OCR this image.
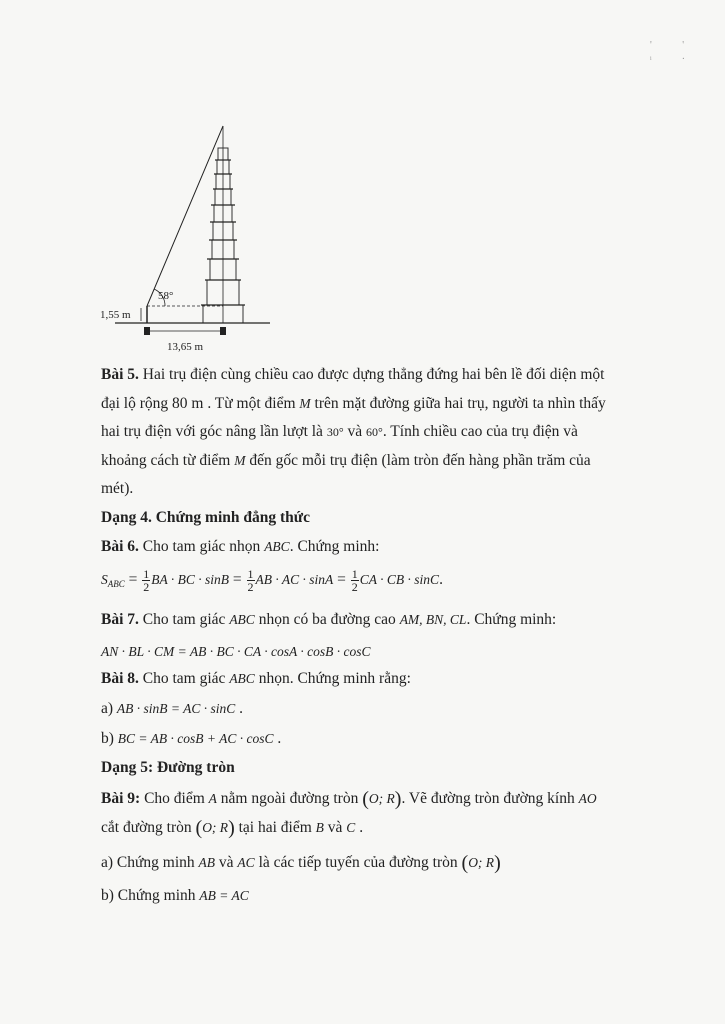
' ' ᵢ .
58°
1,55 m
13,65 m
Bài 5. Hai trụ điện cùng chiều cao được dựng thẳng đứng hai bên lề đối diện một
đại lộ rộng 80 m . Từ một điểm M trên mặt đường giữa hai trụ, người ta nhìn thấy
hai trụ điện với góc nâng lần lượt là 30° và 60°. Tính chiều cao của trụ điện và
khoảng cách từ điểm M đến gốc mỗi trụ điện (làm tròn đến hàng phần trăm của
mét).
Dạng 4. Chứng minh đẳng thức
Bài 6. Cho tam giác nhọn ABC. Chứng minh:
$S_{ABC} = \frac{1}{2}$ BA · BC · $\sin B = \frac{1}{2}$ AB · AC · $\sin A = \frac{1}{2}$ CA · CB · sinC.
Bài 7. Cho tam giác ABC nhọn có ba đường cao AM, BN, CL. Chứng minh:
AN · BL · CM = AB · BC · CA · cosA · cosB · cosC
Bài 8. Cho tam giác ABC nhọn. Chứng minh rằng:
a) AB · sinB = AC · sinC .
b) BC = AB · cosB + AC · cosC .
Dạng 5: Đường tròn
Bài 9: Cho điểm A nằm ngoài đường tròn (O; R). Vẽ đường tròn đường kính AO
cắt đường tròn (O; R) tại hai điểm B và C .
a) Chứng minh AB và AC là các tiếp tuyến của đường tròn (O; R)
b) Chứng minh AB = AC
